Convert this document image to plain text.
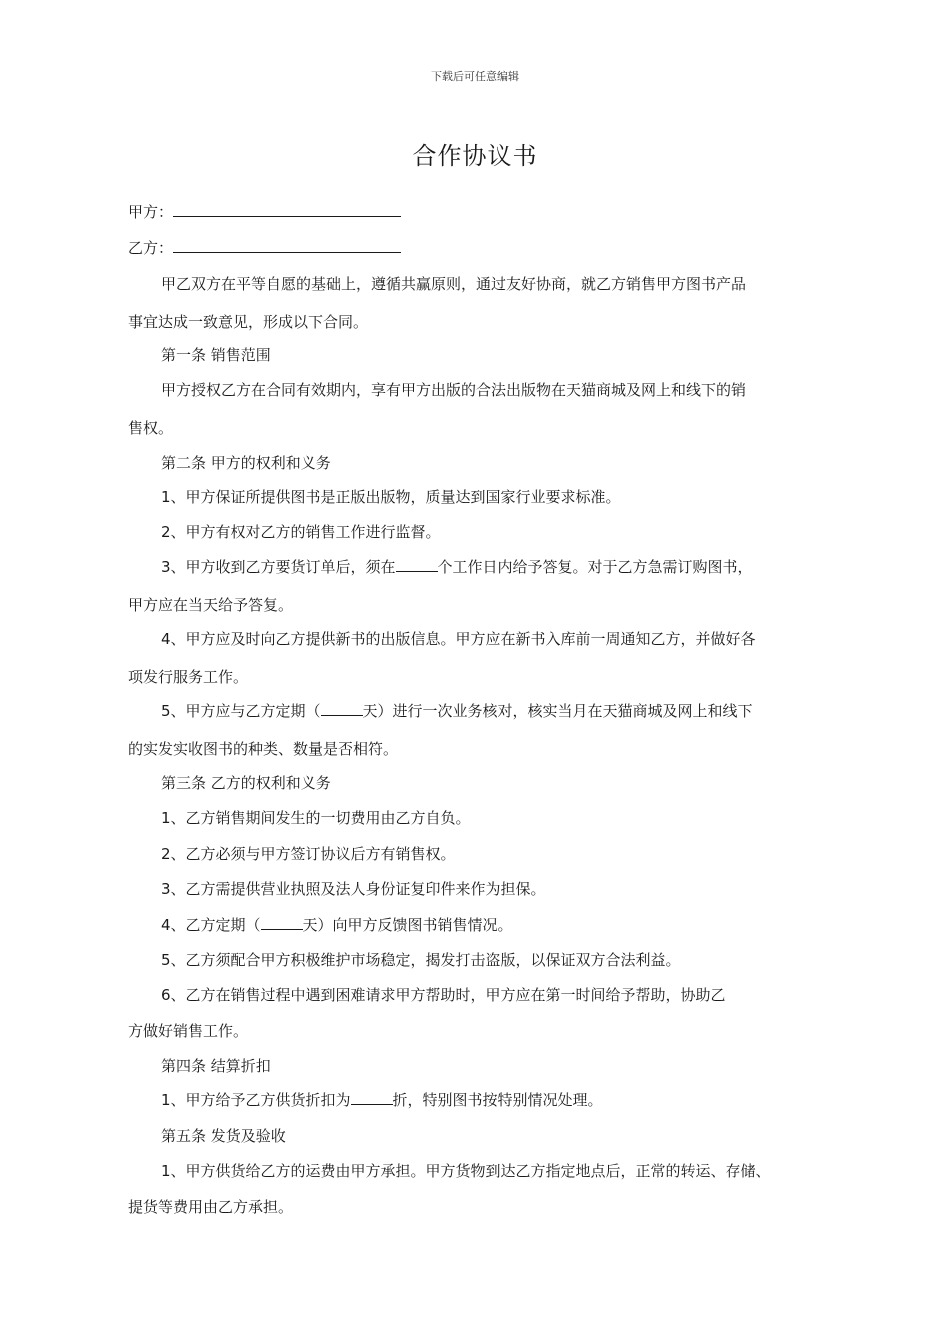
下载后可任意编辑
合作协议书
甲方：
乙方：
甲乙双方在平等自愿的基础上，遵循共赢原则，通过友好协商，就乙方销售甲方图书产品
事宜达成一致意见，形成以下合同。
第一条 销售范围
甲方授权乙方在合同有效期内，享有甲方出版的合法出版物在天猫商城及网上和线下的销
售权。
第二条 甲方的权利和义务
1、甲方保证所提供图书是正版出版物，质量达到国家行业要求标准。
2、甲方有权对乙方的销售工作进行监督。
3、甲方收到乙方要货订单后，须在	个工作日内给予答复。对于乙方急需订购图书，
甲方应在当天给予答复。
4、甲方应及时向乙方提供新书的出版信息。甲方应在新书入库前一周通知乙方，并做好各
项发行服务工作。
5、甲方应与乙方定期（	天）进行一次业务核对，核实当月在天猫商城及网上和线下
的实发实收图书的种类、数量是否相符。
第三条 乙方的权利和义务
1、乙方销售期间发生的一切费用由乙方自负。
2、乙方必须与甲方签订协议后方有销售权。
3、乙方需提供营业执照及法人身份证复印件来作为担保。
4、乙方定期（	天）向甲方反馈图书销售情况。
5、乙方须配合甲方积极维护市场稳定，揭发打击盗版，以保证双方合法利益。
6、乙方在销售过程中遇到困难请求甲方帮助时，甲方应在第一时间给予帮助，协助乙
方做好销售工作。
第四条 结算折扣
1、甲方给予乙方供货折扣为	折，特别图书按特别情况处理。
第五条 发货及验收
1、甲方供货给乙方的运费由甲方承担。甲方货物到达乙方指定地点后，正常的转运、存储、
提货等费用由乙方承担。
